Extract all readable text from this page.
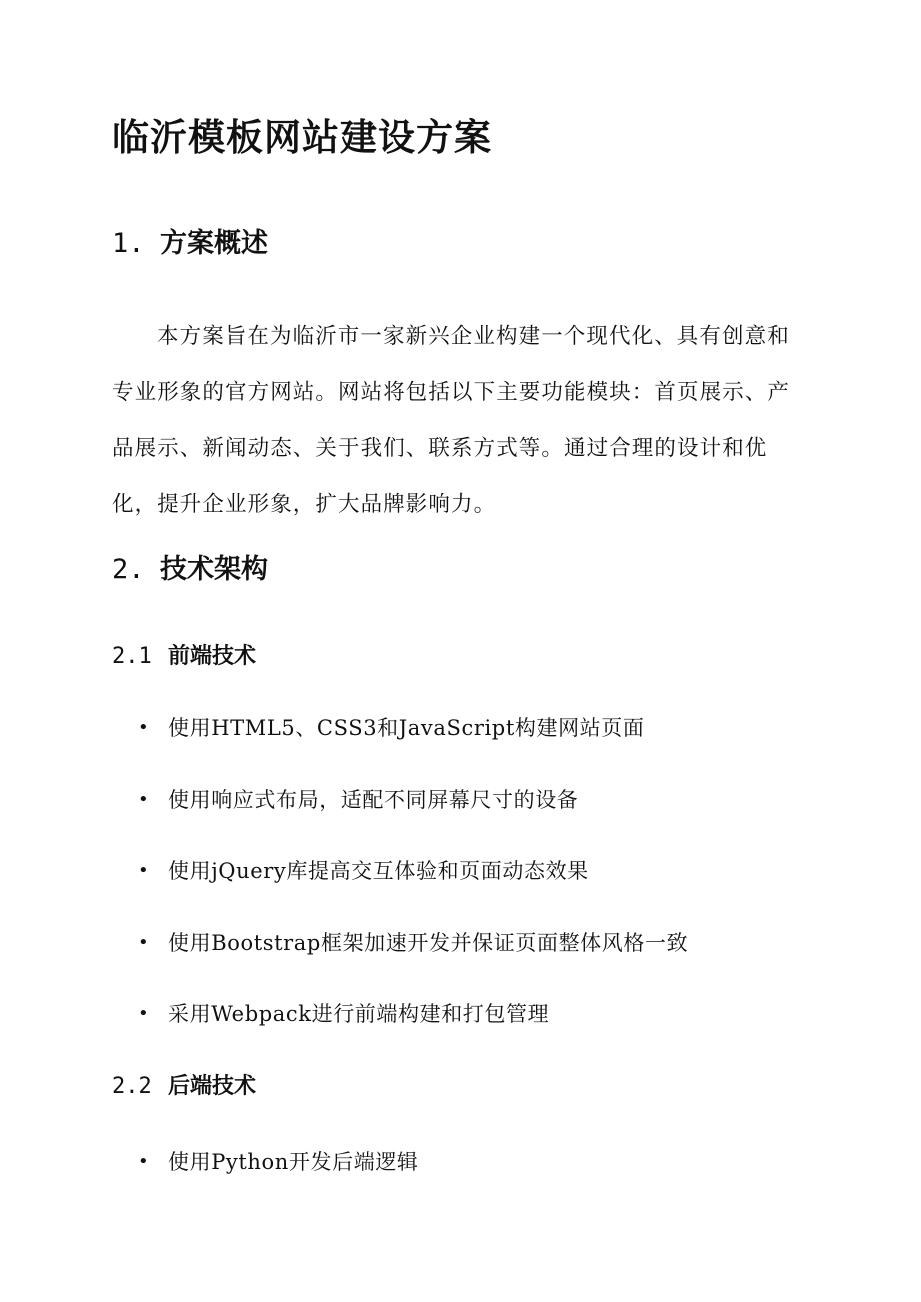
临沂模板网站建设方案
1. 方案概述

本方案旨在为临沂市一家新兴企业构建一个现代化、具有创意和专业形象的官方网站。网站将包括以下主要功能模块：首页展示、产品展示、新闻动态、关于我们、联系方式等。通过合理的设计和优化，提升企业形象，扩大品牌影响力。

2. 技术架构
2.1 前端技术
• 使用HTML5、CSS3和JavaScript构建网站页面
• 使用响应式布局，适配不同屏幕尺寸的设备
• 使用jQuery库提高交互体验和页面动态效果
• 使用Bootstrap框架加速开发并保证页面整体风格一致
• 采用Webpack进行前端构建和打包管理
2.2 后端技术
• 使用Python开发后端逻辑
